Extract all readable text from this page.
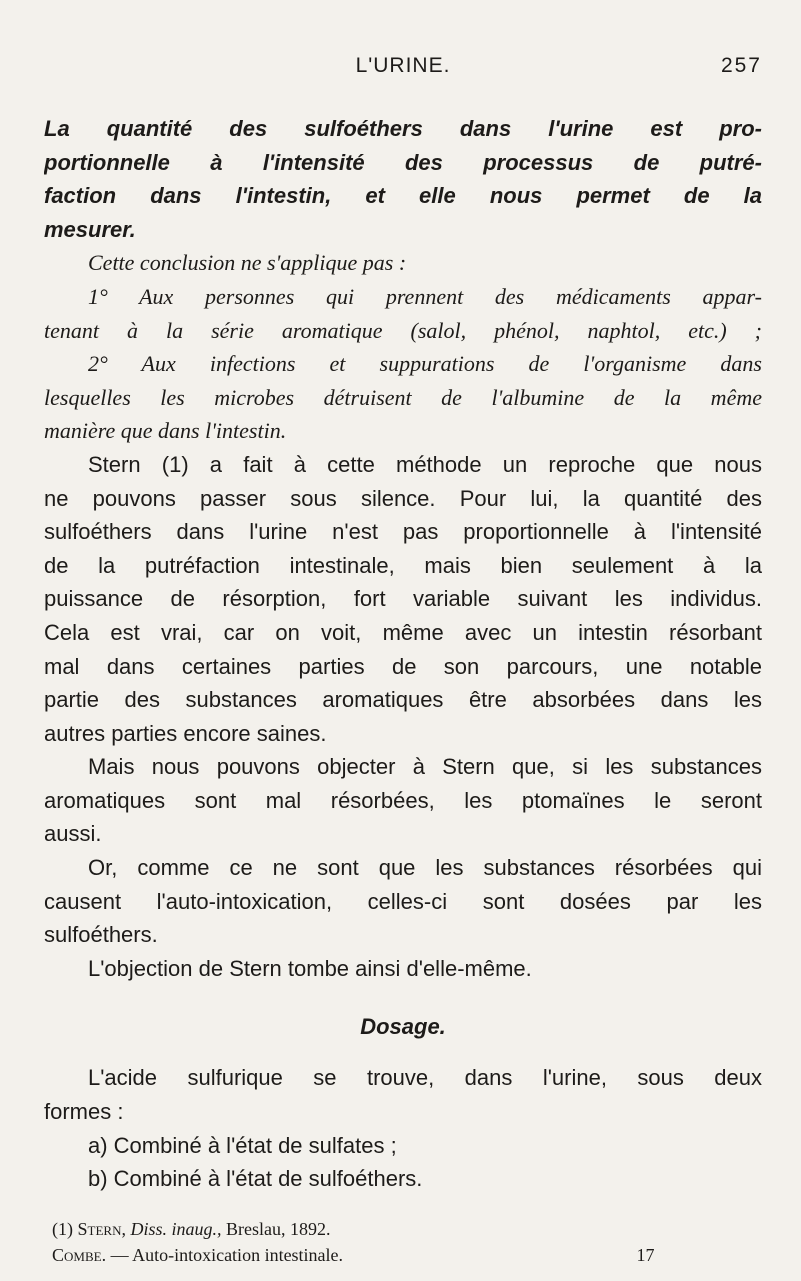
L'URINE.	257
La quantité des sulfoéthers dans l'urine est pro-
portionnelle à l'intensité des processus de putré-
faction dans l'intestin, et elle nous permet de la
mesurer.
Cette conclusion ne s'applique pas :
1° Aux personnes qui prennent des médicaments appar-
tenant à la série aromatique (salol, phénol, naphtol, etc.) ;
2° Aux infections et suppurations de l'organisme dans
lesquelles les microbes détruisent de l'albumine de la même
manière que dans l'intestin.
Stern (1) a fait à cette méthode un reproche que nous
ne pouvons passer sous silence. Pour lui, la quantité des
sulfoéthers dans l'urine n'est pas proportionnelle à l'intensité
de la putréfaction intestinale, mais bien seulement à la
puissance de résorption, fort variable suivant les individus.
Cela est vrai, car on voit, même avec un intestin résorbant
mal dans certaines parties de son parcours, une notable
partie des substances aromatiques être absorbées dans les
autres parties encore saines.
Mais nous pouvons objecter à Stern que, si les substances
aromatiques sont mal résorbées, les ptomaïnes le seront
aussi.
Or, comme ce ne sont que les substances résorbées qui
causent l'auto-intoxication, celles-ci sont dosées par les
sulfoéthers.
L'objection de Stern tombe ainsi d'elle-même.
Dosage.
L'acide sulfurique se trouve, dans l'urine, sous deux
formes :
a) Combiné à l'état de sulfates ;
b) Combiné à l'état de sulfoéthers.
(1) Stern, Diss. inaug., Breslau, 1892.
Combe. — Auto-intoxication intestinale.	17
